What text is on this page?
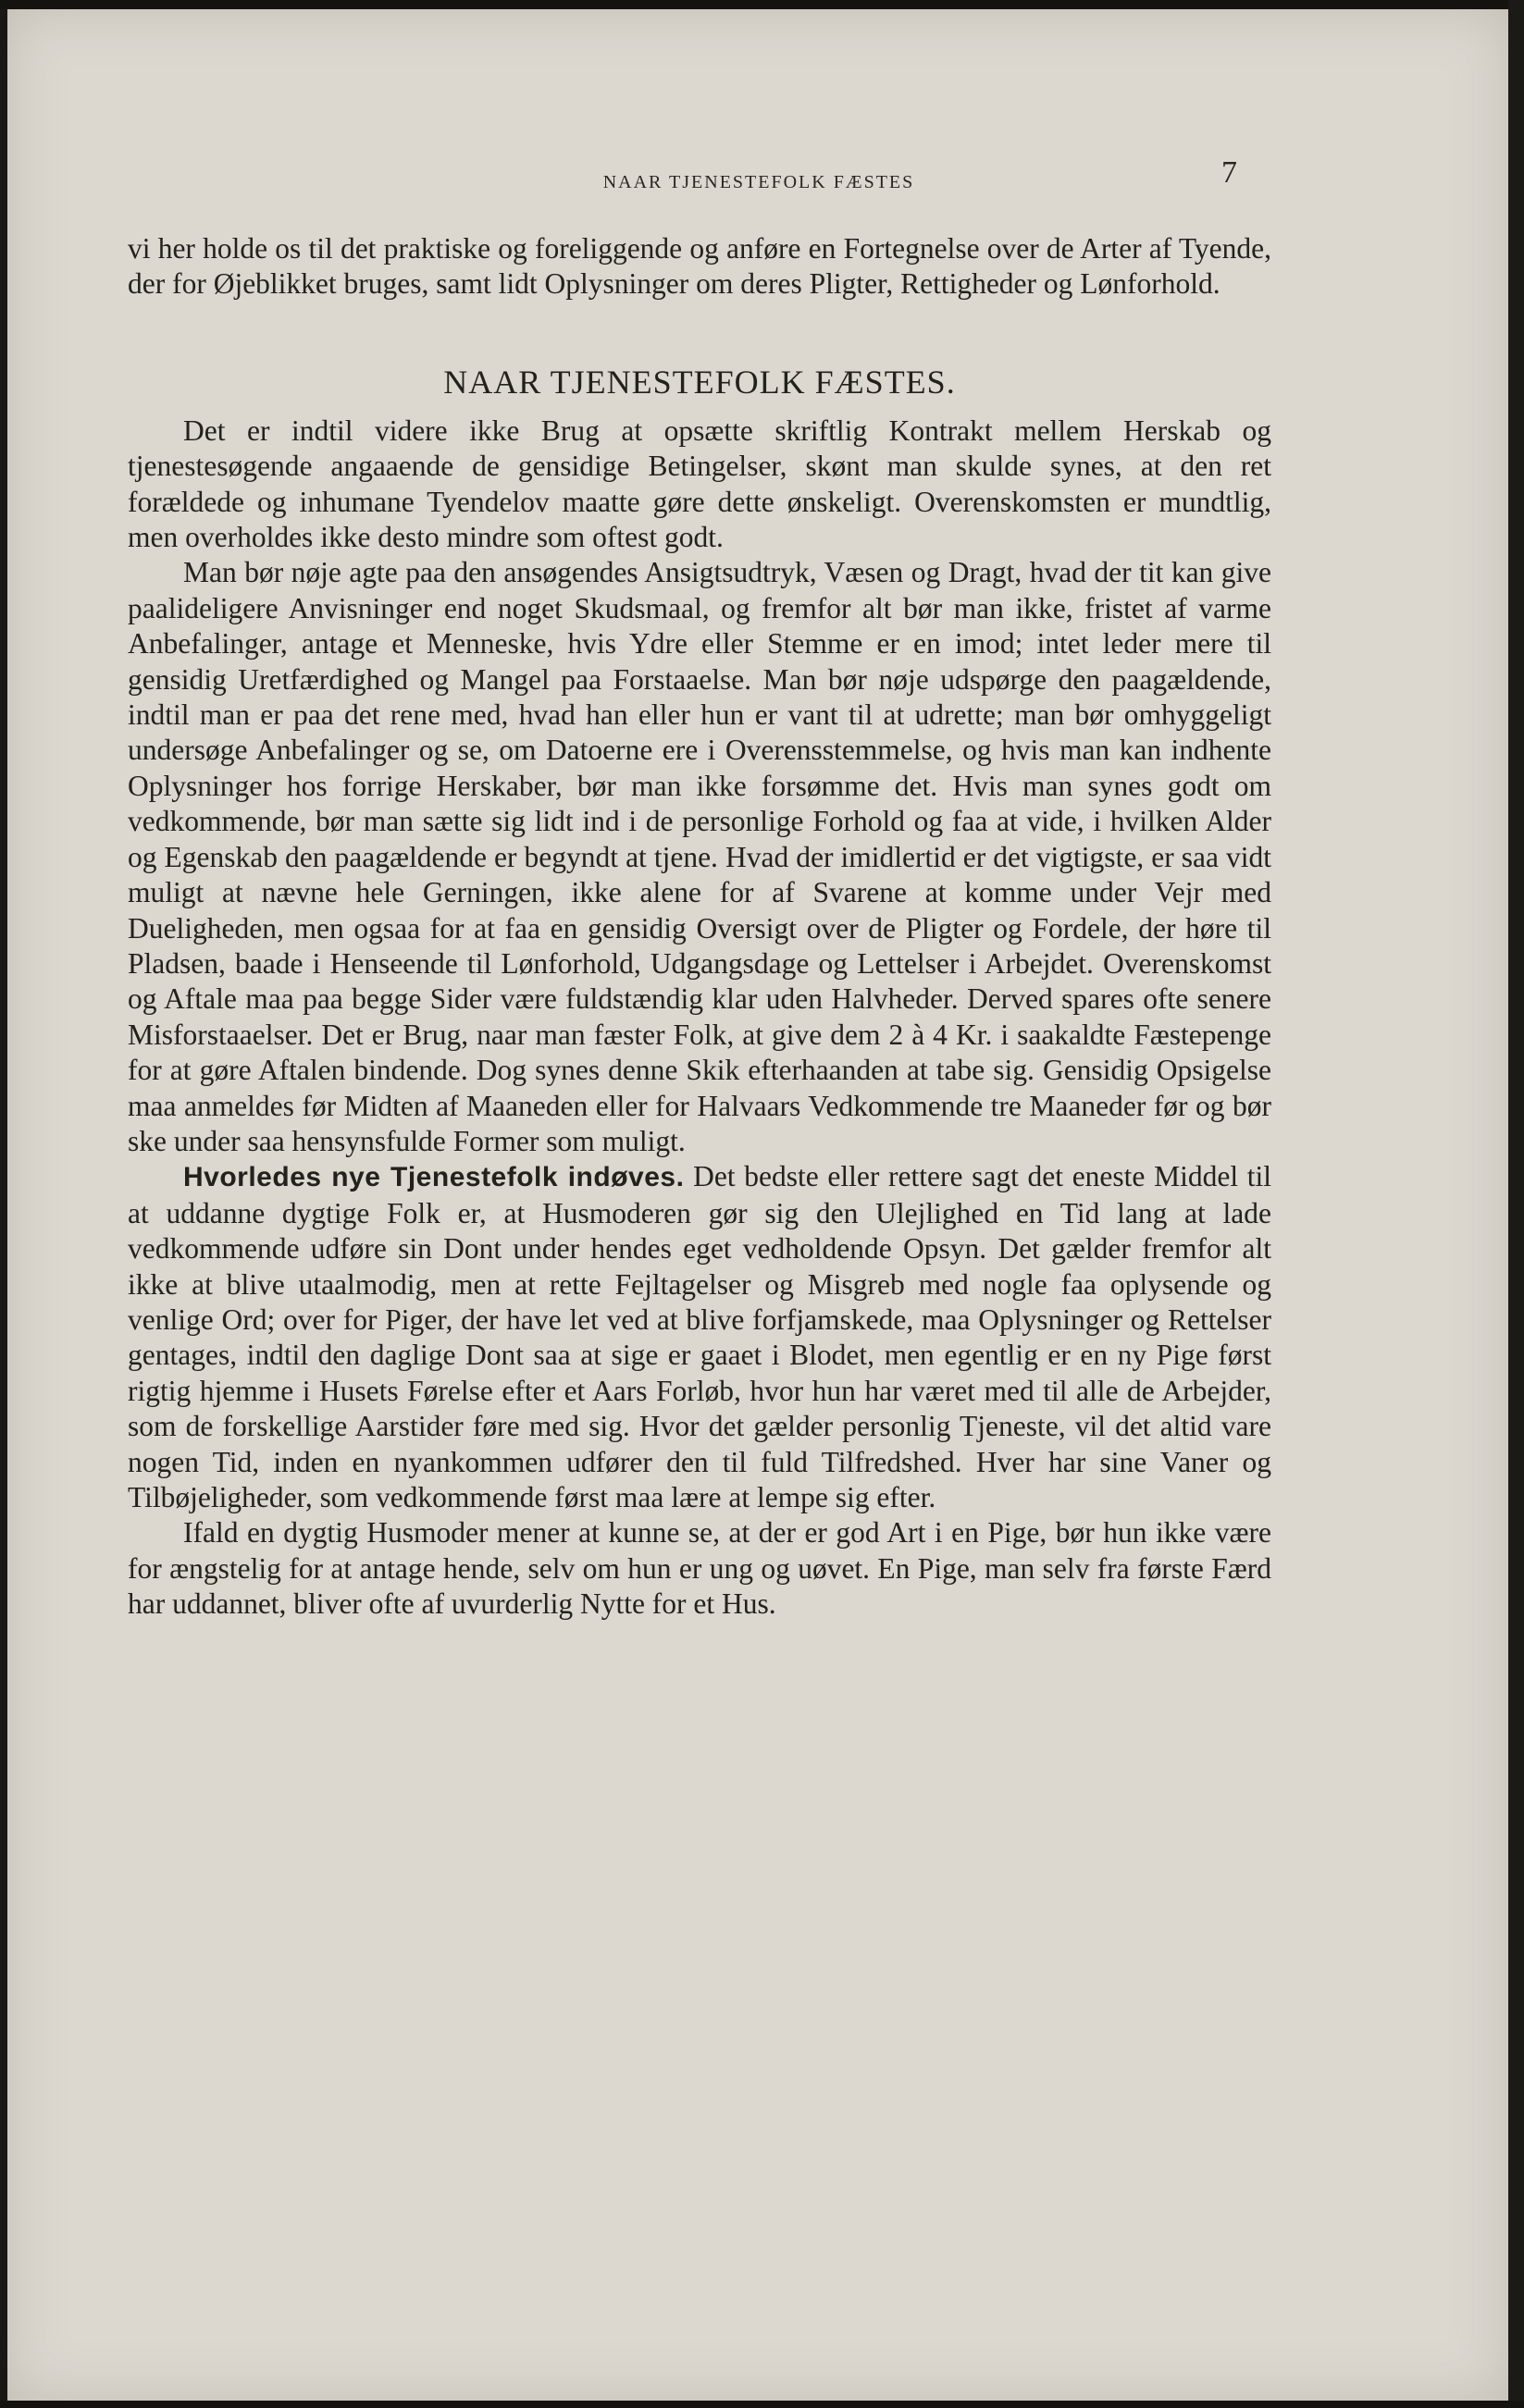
NAAR TJENESTEFOLK FÆSTES	7

vi her holde os til det praktiske og foreliggende og anføre en Fortegnelse over de Arter af Tyende, der for Øjeblikket bruges, samt lidt Oplysninger om deres Pligter, Rettigheder og Lønforhold.

NAAR TJENESTEFOLK FÆSTES.

Det er indtil videre ikke Brug at opsætte skriftlig Kontrakt mellem Herskab og tjenestesøgende angaaende de gensidige Betingelser, skønt man skulde synes, at den ret forældede og inhumane Tyendelov maatte gøre dette ønskeligt. Overenskomsten er mundtlig, men overholdes ikke desto mindre som oftest godt.

Man bør nøje agte paa den ansøgendes Ansigtsudtryk, Væsen og Dragt, hvad der tit kan give paalideligere Anvisninger end noget Skudsmaal, og fremfor alt bør man ikke, fristet af varme Anbefalinger, antage et Menneske, hvis Ydre eller Stemme er en imod; intet leder mere til gensidig Uretfærdighed og Mangel paa Forstaaelse. Man bør nøje udspørge den paagældende, indtil man er paa det rene med, hvad han eller hun er vant til at udrette; man bør omhyggeligt undersøge Anbefalinger og se, om Datoerne ere i Overensstemmelse, og hvis man kan indhente Oplysninger hos forrige Herskaber, bør man ikke forsømme det. Hvis man synes godt om vedkommende, bør man sætte sig lidt ind i de personlige Forhold og faa at vide, i hvilken Alder og Egenskab den paagældende er begyndt at tjene. Hvad der imidlertid er det vigtigste, er saa vidt muligt at nævne hele Gerningen, ikke alene for af Svarene at komme under Vejr med Dueligheden, men ogsaa for at faa en gensidig Oversigt over de Pligter og Fordele, der høre til Pladsen, baade i Henseende til Lønforhold, Udgangsdage og Lettelser i Arbejdet. Overenskomst og Aftale maa paa begge Sider være fuldstændig klar uden Halvheder. Derved spares ofte senere Misforstaaelser. Det er Brug, naar man fæster Folk, at give dem 2 à 4 Kr. i saakaldte Fæstepenge for at gøre Aftalen bindende. Dog synes denne Skik efterhaanden at tabe sig. Gensidig Opsigelse maa anmeldes før Midten af Maaneden eller for Halvaars Vedkommende tre Maaneder før og bør ske under saa hensynsfulde Former som muligt.

Hvorledes nye Tjenestefolk indøves. Det bedste eller rettere sagt det eneste Middel til at uddanne dygtige Folk er, at Husmoderen gør sig den Ulejlighed en Tid lang at lade vedkommende udføre sin Dont under hendes eget vedholdende Opsyn. Det gælder fremfor alt ikke at blive utaalmodig, men at rette Fejltagelser og Misgreb med nogle faa oplysende og venlige Ord; over for Piger, der have let ved at blive forfjamskede, maa Oplysninger og Rettelser gentages, indtil den daglige Dont saa at sige er gaaet i Blodet, men egentlig er en ny Pige først rigtig hjemme i Husets Førelse efter et Aars Forløb, hvor hun har været med til alle de Arbejder, som de forskellige Aarstider føre med sig. Hvor det gælder personlig Tjeneste, vil det altid vare nogen Tid, inden en nyankommen udfører den til fuld Tilfredshed. Hver har sine Vaner og Tilbøjeligheder, som vedkommende først maa lære at lempe sig efter.

Ifald en dygtig Husmoder mener at kunne se, at der er god Art i en Pige, bør hun ikke være for ængstelig for at antage hende, selv om hun er ung og uøvet. En Pige, man selv fra første Færd har uddannet, bliver ofte af uvurderlig Nytte for et Hus.
